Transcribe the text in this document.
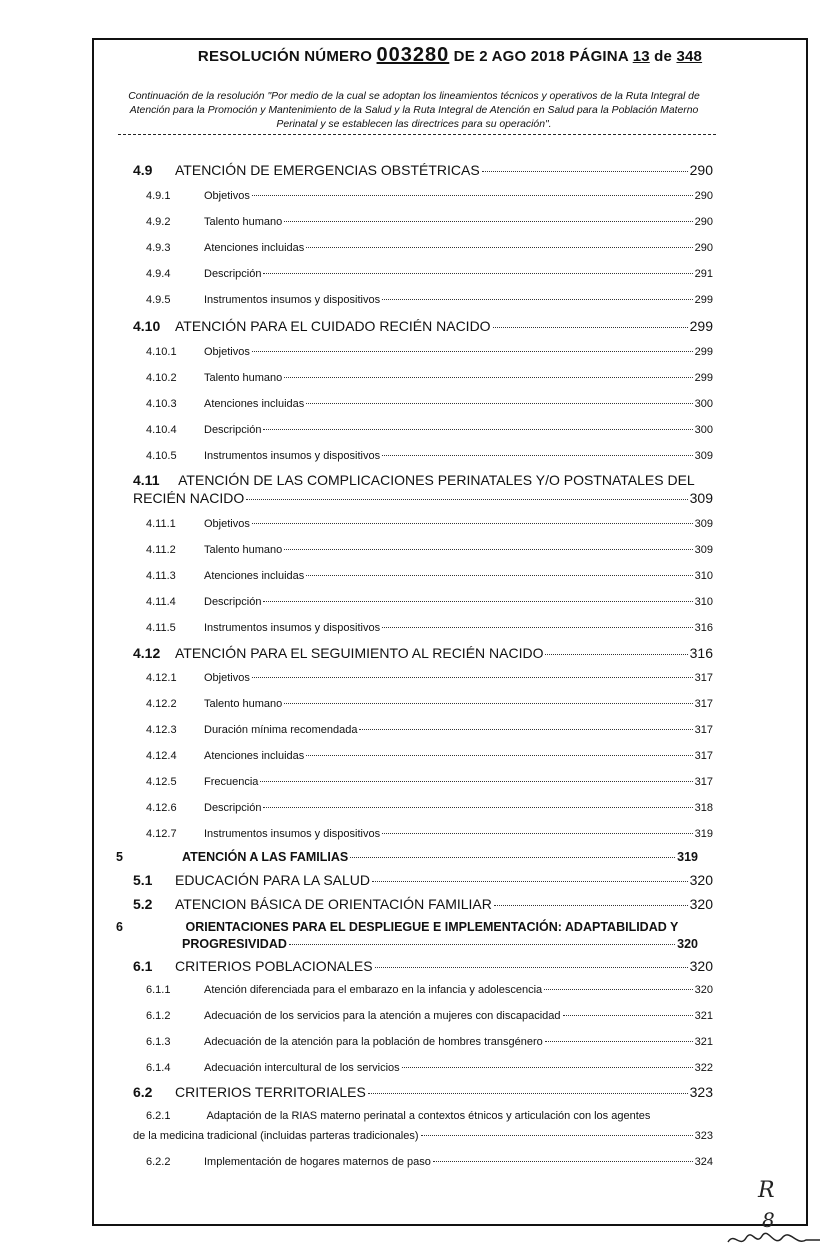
RESOLUCIÓN NÚMERO 003280 DE 2 AGO 2018 PÁGINA 13 de 348
Continuación de la resolución "Por medio de la cual se adoptan los lineamientos técnicos y operativos de la Ruta Integral de Atención para la Promoción y Mantenimiento de la Salud y la Ruta Integral de Atención en Salud para la Población Materno Perinatal y se establecen las directrices para su operación".
4.9	ATENCIÓN DE EMERGENCIAS OBSTÉTRICAS	290
4.9.1	Objetivos	290
4.9.2	Talento humano	290
4.9.3	Atenciones incluidas	290
4.9.4	Descripción	291
4.9.5	Instrumentos insumos y dispositivos	299
4.10	ATENCIÓN PARA EL CUIDADO RECIÉN NACIDO	299
4.10.1	Objetivos	299
4.10.2	Talento humano	299
4.10.3	Atenciones incluidas	300
4.10.4	Descripción	300
4.10.5	Instrumentos insumos y dispositivos	309
4.11 ATENCIÓN DE LAS COMPLICACIONES PERINATALES Y/O POSTNATALES DEL
RECIÉN NACIDO	309
4.11.1	Objetivos	309
4.11.2	Talento humano	309
4.11.3	Atenciones incluidas	310
4.11.4	Descripción	310
4.11.5	Instrumentos insumos y dispositivos	316
4.12	ATENCIÓN PARA EL SEGUIMIENTO AL RECIÉN NACIDO	316
4.12.1	Objetivos	317
4.12.2	Talento humano	317
4.12.3	Duración mínima recomendada	317
4.12.4	Atenciones incluidas	317
4.12.5	Frecuencia	317
4.12.6	Descripción	318
4.12.7	Instrumentos insumos y dispositivos	319
5	ATENCIÓN A LAS FAMILIAS	319
5.1	EDUCACIÓN PARA LA SALUD	320
5.2	ATENCION BÁSICA DE ORIENTACIÓN FAMILIAR	320
6	ORIENTACIONES PARA EL DESPLIEGUE E IMPLEMENTACIÓN: ADAPTABILIDAD Y
PROGRESIVIDAD	320
6.1	CRITERIOS POBLACIONALES	320
6.1.1	Atención diferenciada para el embarazo en la infancia y adolescencia	320
6.1.2	Adecuación de los servicios para la atención a mujeres con discapacidad	321
6.1.3	Adecuación de la atención para la población de hombres transgénero	321
6.1.4	Adecuación intercultural de los servicios	322
6.2	CRITERIOS TERRITORIALES	323
6.2.1	Adaptación de la RIAS materno perinatal a contextos étnicos y articulación con los agentes
de la medicina tradicional (incluidas parteras tradicionales)	323
6.2.2	Implementación de hogares maternos de paso	324
R
8
